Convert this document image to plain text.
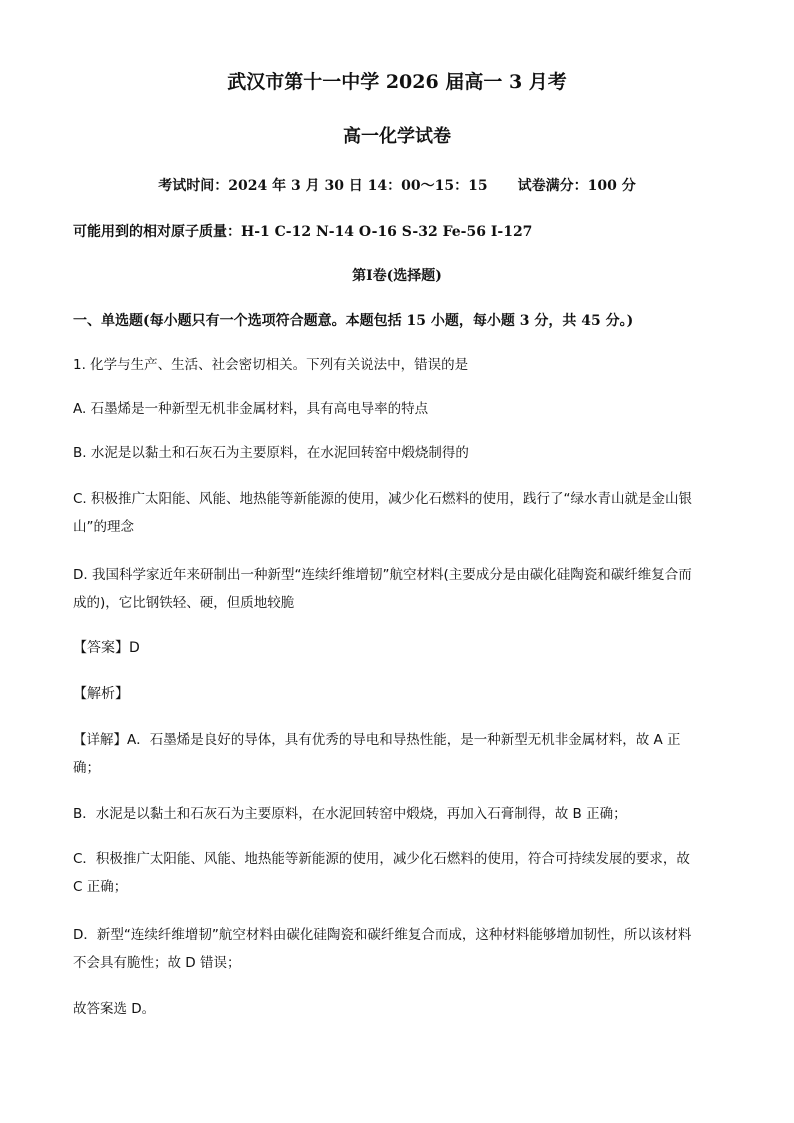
武汉市第十一中学 2026 届高一 3 月考
高一化学试卷
考试时间：2024 年 3 月 30 日 14：00～15：15 试卷满分：100 分
可能用到的相对原子质量：H-1 C-12 N-14 O-16 S-32 Fe-56 I-127
第Ⅰ卷(选择题)
一、单选题(每小题只有一个选项符合题意。本题包括 15 小题，每小题 3 分，共 45 分。)
1. 化学与生产、生活、社会密切相关。下列有关说法中，错误的是
A. 石墨烯是一种新型无机非金属材料，具有高电导率的特点
B. 水泥是以黏土和石灰石为主要原料，在水泥回转窑中煅烧制得的
C. 积极推广太阳能、风能、地热能等新能源的使用，减少化石燃料的使用，践行了“绿水青山就是金山银
山”的理念
D. 我国科学家近年来研制出一种新型“连续纤维增韧”航空材料(主要成分是由碳化硅陶瓷和碳纤维复合而
成的)，它比钢铁轻、硬，但质地较脆
【答案】D
【解析】
【详解】A．石墨烯是良好的导体，具有优秀的导电和导热性能，是一种新型无机非金属材料，故 A 正
确；
B．水泥是以黏土和石灰石为主要原料，在水泥回转窑中煅烧，再加入石膏制得，故 B 正确；
C．积极推广太阳能、风能、地热能等新能源的使用，减少化石燃料的使用，符合可持续发展的要求，故
C 正确；
D．新型“连续纤维增韧”航空材料由碳化硅陶瓷和碳纤维复合而成，这种材料能够增加韧性，所以该材料
不会具有脆性；故 D 错误；
故答案选 D。
